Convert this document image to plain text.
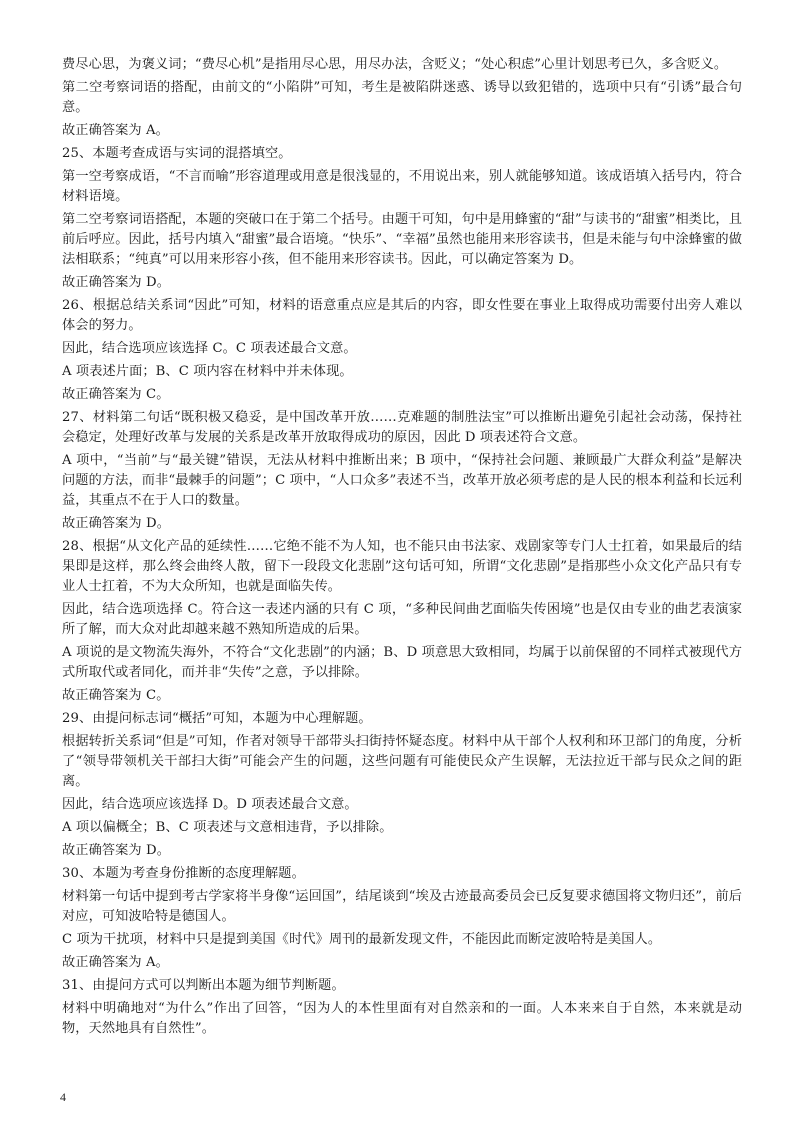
费尽心思，为褒义词；“费尽心机”是指用尽心思，用尽办法，含贬义；“处心积虑”心里计划思考已久，多含贬义。

第二空考察词语的搭配，由前文的“小陷阱”可知，考生是被陷阱迷惑、诱导以致犯错的，选项中只有“引诱”最合句意。

故正确答案为 A。

25、本题考查成语与实词的混搭填空。

第一空考察成语，“不言而喻”形容道理或用意是很浅显的，不用说出来，别人就能够知道。该成语填入括号内，符合材料语境。

第二空考察词语搭配，本题的突破口在于第二个括号。由题干可知，句中是用蜂蜜的“甜”与读书的“甜蜜”相类比，且前后呼应。因此，括号内填入“甜蜜”最合语境。“快乐”、“幸福”虽然也能用来形容读书，但是未能与句中涂蜂蜜的做法相联系；“纯真”可以用来形容小孩，但不能用来形容读书。因此，可以确定答案为 D。

故正确答案为 D。

26、根据总结关系词“因此”可知，材料的语意重点应是其后的内容，即女性要在事业上取得成功需要付出旁人难以体会的努力。

因此，结合选项应该选择 C。C 项表述最合文意。

A 项表述片面；B、C 项内容在材料中并未体现。

故正确答案为 C。

27、材料第二句话“既积极又稳妥，是中国改革开放……克难题的制胜法宝”可以推断出避免引起社会动荡，保持社会稳定，处理好改革与发展的关系是改革开放取得成功的原因，因此 D 项表述符合文意。

A 项中，“当前”与“最关键”错误，无法从材料中推断出来；B 项中，“保持社会问题、兼顾最广大群众利益”是解决问题的方法，而非“最棘手的问题”；C 项中，“人口众多”表述不当，改革开放必须考虑的是人民的根本利益和长远利益，其重点不在于人口的数量。

故正确答案为 D。

28、根据“从文化产品的延续性……它绝不能不为人知，也不能只由书法家、戏剧家等专门人士扛着，如果最后的结果即是这样，那么终会曲终人散，留下一段段文化悲剧”这句话可知，所谓“文化悲剧”是指那些小众文化产品只有专业人士扛着，不为大众所知，也就是面临失传。

因此，结合选项选择 C。符合这一表述内涵的只有 C 项，“多种民间曲艺面临失传困境”也是仅由专业的曲艺表演家所了解，而大众对此却越来越不熟知所造成的后果。

A 项说的是文物流失海外，不符合“文化悲剧”的内涵；B、D 项意思大致相同，均属于以前保留的不同样式被现代方式所取代或者同化，而并非“失传”之意，予以排除。

故正确答案为 C。

29、由提问标志词“概括”可知，本题为中心理解题。

根据转折关系词“但是”可知，作者对领导干部带头扫街持怀疑态度。材料中从干部个人权利和环卫部门的角度，分析了“领导带领机关干部扫大街”可能会产生的问题，这些问题有可能使民众产生误解，无法拉近干部与民众之间的距离。

因此，结合选项应该选择 D。D 项表述最合文意。

A 项以偏概全；B、C 项表述与文意相违背，予以排除。

故正确答案为 D。

30、本题为考查身份推断的态度理解题。

材料第一句话中提到考古学家将半身像“运回国”，结尾谈到“埃及古迹最高委员会已反复要求德国将文物归还”，前后对应，可知波哈特是德国人。

C 项为干扰项，材料中只是提到美国《时代》周刊的最新发现文件，不能因此而断定波哈特是美国人。

故正确答案为 A。

31、由提问方式可以判断出本题为细节判断题。

材料中明确地对“为什么”作出了回答，“因为人的本性里面有对自然亲和的一面。人本来来自于自然，本来就是动物，天然地具有自然性”。

4
